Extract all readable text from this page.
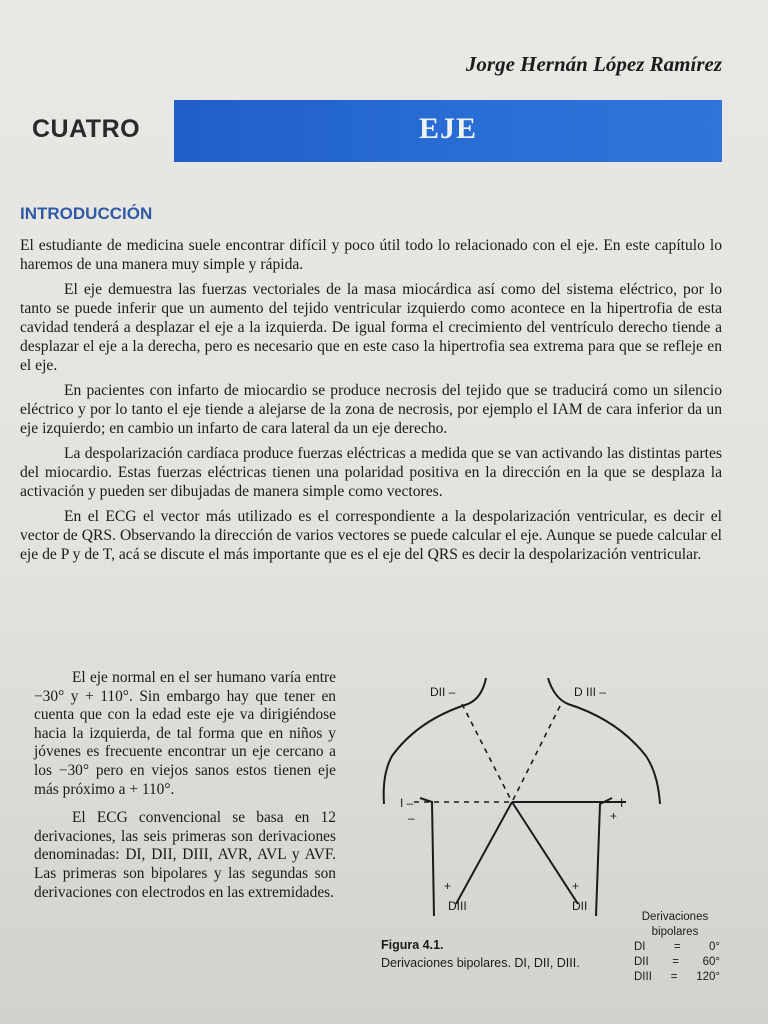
Jorge Hernán López Ramírez
CUATRO	EJE
INTRODUCCIÓN

El estudiante de medicina suele encontrar difícil y poco útil todo lo relacionado con el eje. En este capítulo lo haremos de una manera muy simple y rápida.

El eje demuestra las fuerzas vectoriales de la masa miocárdica así como del sistema eléctrico, por lo tanto se puede inferir que un aumento del tejido ventricular izquierdo como acontece en la hipertrofia de esta cavidad tenderá a desplazar el eje a la izquierda. De igual forma el crecimiento del ventrículo derecho tiende a desplazar el eje a la derecha, pero es necesario que en este caso la hipertrofia sea extrema para que se refleje en el eje.

En pacientes con infarto de miocardio se produce necrosis del tejido que se traducirá como un silencio eléctrico y por lo tanto el eje tiende a alejarse de la zona de necrosis, por ejemplo el IAM de cara inferior da un eje izquierdo; en cambio un infarto de cara lateral da un eje derecho.

La despolarización cardíaca produce fuerzas eléctricas a medida que se van activando las distintas partes del miocardio. Estas fuerzas eléctricas tienen una polaridad positiva en la dirección en la que se desplaza la activación y pueden ser dibujadas de manera simple como vectores.

En el ECG el vector más utilizado es el correspondiente a la despolarización ventricular, es decir el vector de QRS. Observando la dirección de varios vectores se puede calcular el eje. Aunque se puede calcular el eje de P y de T, acá se discute el más importante que es el eje del QRS es decir la despolarización ventricular.

El eje normal en el ser humano varía entre −30° y + 110°. Sin embargo hay que tener en cuenta que con la edad este eje va dirigiéndose hacia la izquierda, de tal forma que en niños y jóvenes es frecuente encontrar un eje cercano a los −30° pero en viejos sanos estos tienen eje más próximo a + 110°.

El ECG convencional se basa en 12 derivaciones, las seis primeras son derivaciones denominadas: DI, DII, DIII, AVR, AVL y AVF. Las primeras son bipolares y las segundas son derivaciones con electrodos en las extremidades.

DII –	D III –
I –
–
I
+
+
DIII
+
DII
Figura 4.1.
Derivaciones bipolares. DI, DII, DIII.
Derivaciones bipolares
DI = 0°
DII = 60°
DIII = 120°
